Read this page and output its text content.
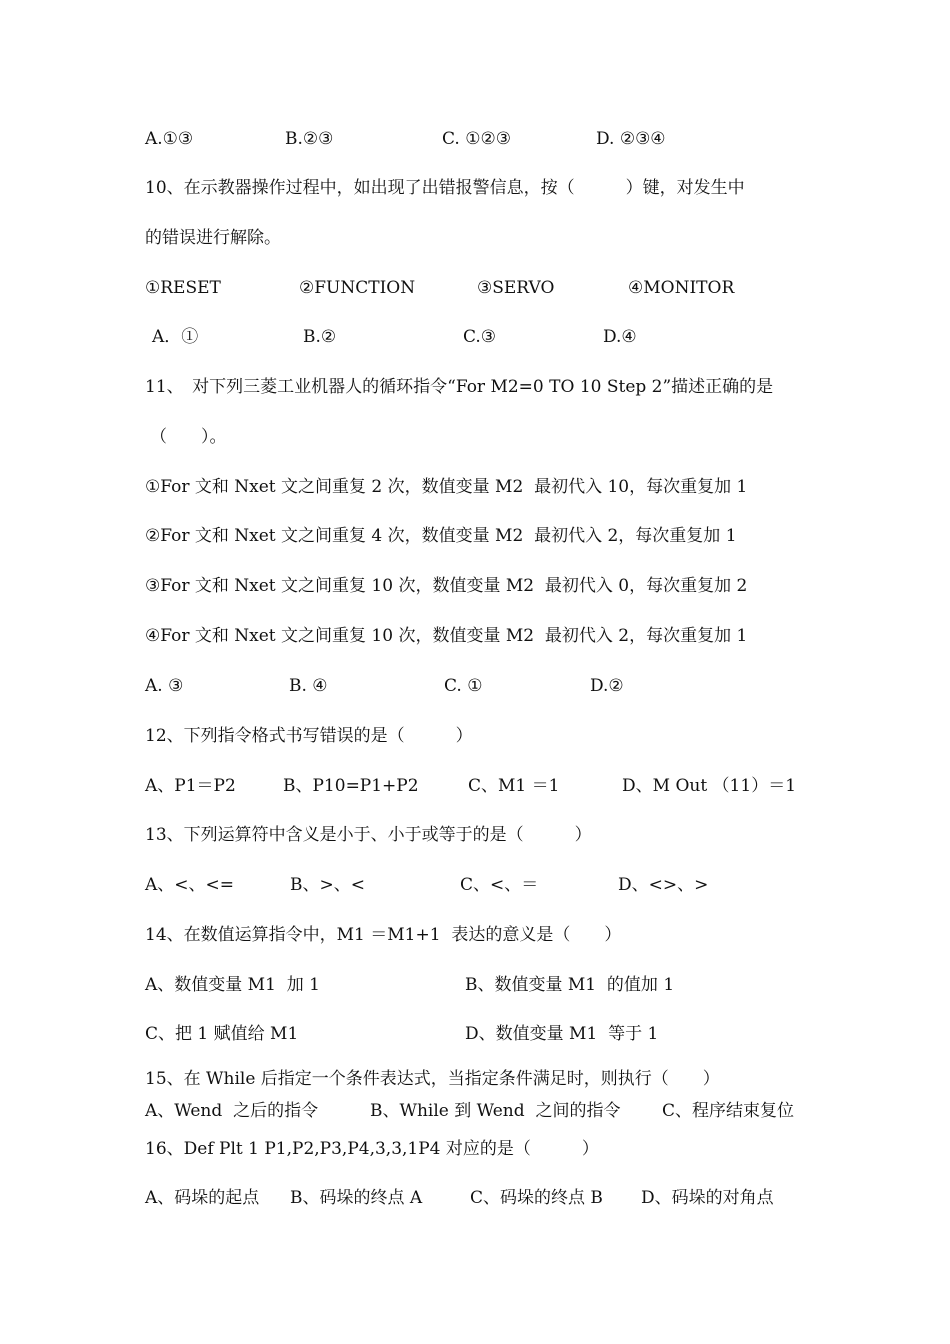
A.①③	B.②③	C. ①②③	D. ②③④
10、在示教器操作过程中，如出现了出错报警信息，按（　　　）键，对发生中
的错误进行解除。
①RESET	②FUNCTION	③SERVO	④MONITOR
A．①	B.②	C.③	D.④
11、　对下列三菱工业机器人的循环指令“For M2=0 TO 10 Step 2”描述正确的是
（　　）。
①For 文和 Nxet 文之间重复 2 次，数值变量 M2  最初代入 10，每次重复加 1
②For 文和 Nxet 文之间重复 4 次，数值变量 M2  最初代入 2，每次重复加 1
③For 文和 Nxet 文之间重复 10 次，数值变量 M2  最初代入 0，每次重复加 2
④For 文和 Nxet 文之间重复 10 次，数值变量 M2  最初代入 2，每次重复加 1
A. ③	B. ④	C. ①	D.②
12、下列指令格式书写错误的是（　　　）
A、P1＝P2	B、P10=P1+P2	C、M1 ＝1	D、M Out （11）＝1
13、下列运算符中含义是小于、小于或等于的是（　　　）
A、<、<=	B、>、<	C、<、＝	D、<>、>
14、在数值运算指令中，M1 ＝M1+1  表达的意义是（　　）
A、数值变量 M1  加 1	B、数值变量 M1  的值加 1
C、把 1 赋值给 M1	D、数值变量 M1  等于 1
15、在 While 后指定一个条件表达式，当指定条件满足时，则执行（　　）
A、Wend  之后的指令	B、While 到 Wend  之间的指令 C、程序结束复位
16、Def Plt 1 P1,P2,P3,P4,3,3,1P4 对应的是（　　　）
A、码垛的起点 B、码垛的终点 A	C、码垛的终点 B D、码垛的对角点
